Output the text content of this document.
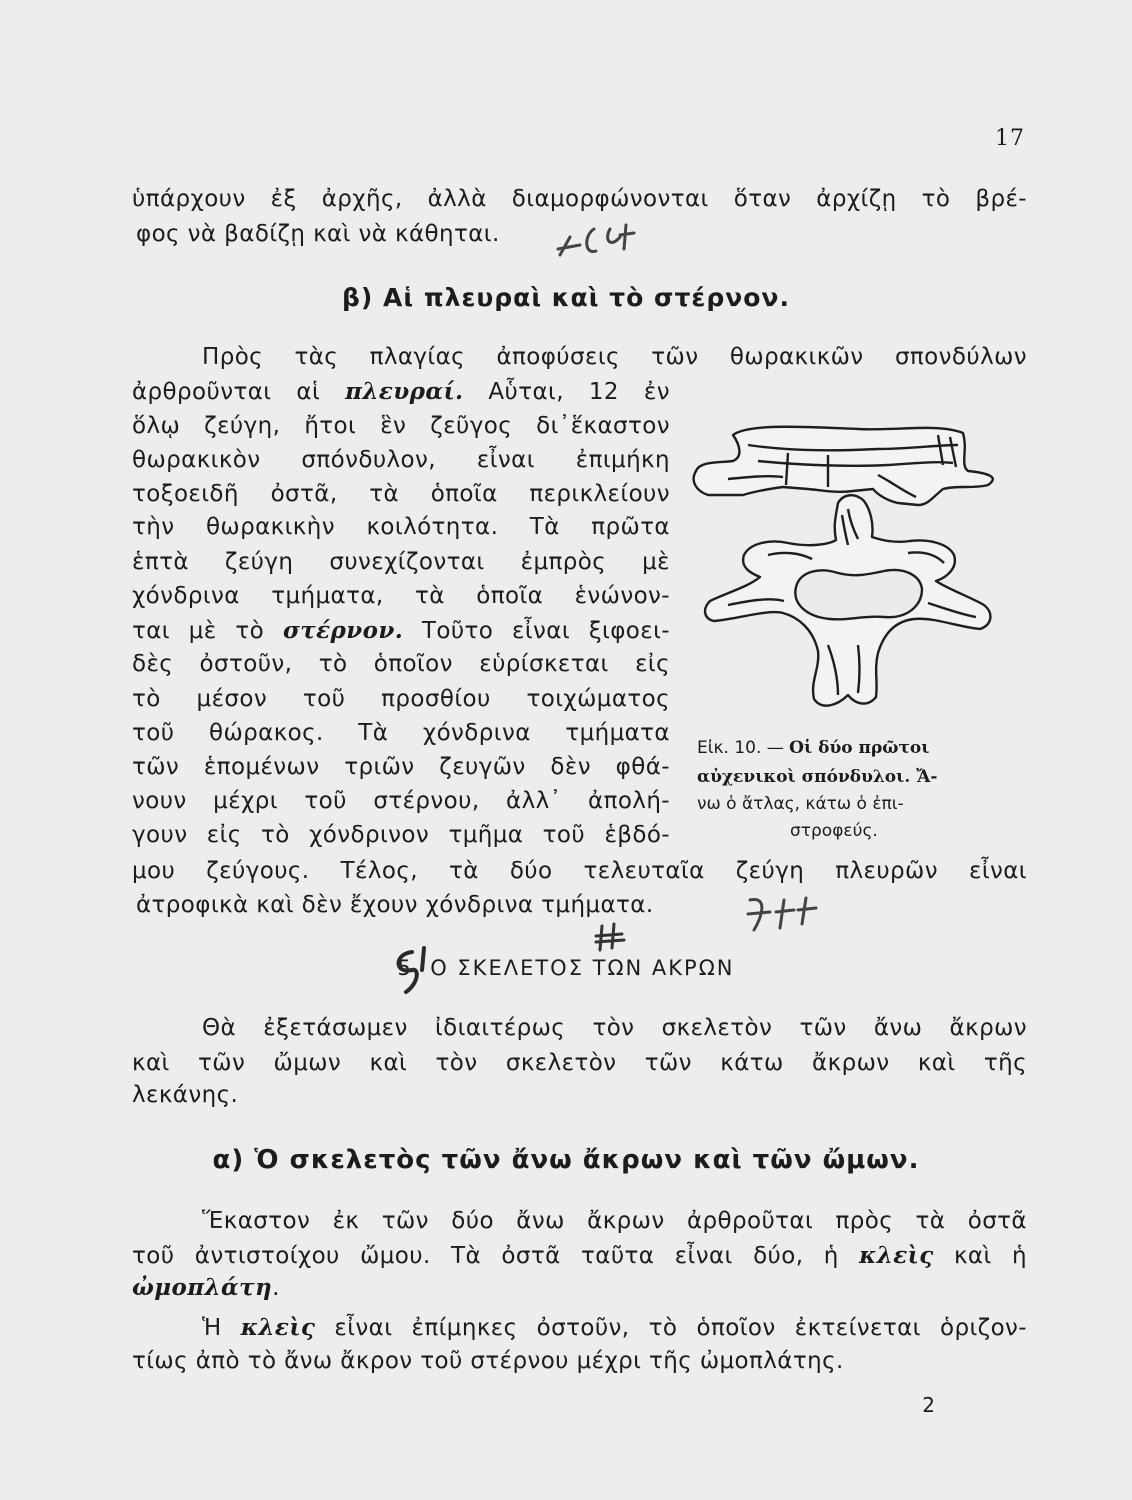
17
ὑπάρχουν ἐξ ἀρχῆς, ἀλλὰ διαμορφώνονται ὅταν ἀρχίζῃ τὸ βρέ-
φος νὰ βαδίζῃ καὶ νὰ κάθηται.
β) Αἱ πλευραὶ καὶ τὸ στέρνον.
Πρὸς τὰς πλαγίας ἀποφύσεις τῶν θωρακικῶν σπονδύλων
ἀρθροῦνται αἱ πλευραί. Αὗται, 12 ἐν
ὅλῳ ζεύγη, ἤτοι ἓν ζεῦγος δι᾿ἕκαστον
θωρακικὸν σπόνδυλον, εἶναι ἐπιμήκη
τοξοειδῆ ὀστᾶ, τὰ ὁποῖα περικλείουν
τὴν θωρακικὴν κοιλότητα. Τὰ πρῶτα
ἑπτὰ ζεύγη συνεχίζονται ἐμπρὸς μὲ
χόνδρινα τμήματα, τὰ ὁποῖα ἑνώνον-
ται μὲ τὸ στέρνον. Τοῦτο εἶναι ξιφοει-
δὲς ὀστοῦν, τὸ ὁποῖον εὑρίσκεται εἰς
τὸ μέσον τοῦ προσθίου τοιχώματος
τοῦ θώρακος. Τὰ χόνδρινα τμήματα
τῶν ἑπομένων τριῶν ζευγῶν δὲν φθά-
νουν μέχρι τοῦ στέρνου, ἀλλ᾿ ἀπολή-
γουν εἰς τὸ χόνδρινον τμῆμα τοῦ ἑβδό-
μου ζεύγους. Τέλος, τὰ δύο τελευταῖα ζεύγη πλευρῶν εἶναι
ἀτροφικὰ καὶ δὲν ἔχουν χόνδρινα τμήματα.
Εἰκ. 10. — Οἱ δύο πρῶτοι
αὐχενικοὶ σπόνδυλοι. Ἄ-
νω ὁ ἄτλας, κάτω ὁ ἐπι-
στροφεύς.
5. Ο ΣΚΕΛΕΤΟΣ ΤΩΝ ΑΚΡΩΝ
Θὰ ἐξετάσωμεν ἰδιαιτέρως τὸν σκελετὸν τῶν ἄνω ἄκρων
καὶ τῶν ὤμων καὶ τὸν σκελετὸν τῶν κάτω ἄκρων καὶ τῆς
λεκάνης.
α) Ὁ σκελετὸς τῶν ἄνω ἄκρων καὶ τῶν ὤμων.
Ἕκαστον ἐκ τῶν δύο ἄνω ἄκρων ἀρθροῦται πρὸς τὰ ὀστᾶ
τοῦ ἀντιστοίχου ὤμου. Τὰ ὀστᾶ ταῦτα εἶναι δύο, ἡ κλεὶς καὶ ἡ
ὠμοπλάτη.
Ἡ κλεὶς εἶναι ἐπίμηκες ὀστοῦν, τὸ ὁποῖον ἐκτείνεται ὁριζον-
τίως ἀπὸ τὸ ἄνω ἄκρον τοῦ στέρνου μέχρι τῆς ὠμοπλάτης.
2
